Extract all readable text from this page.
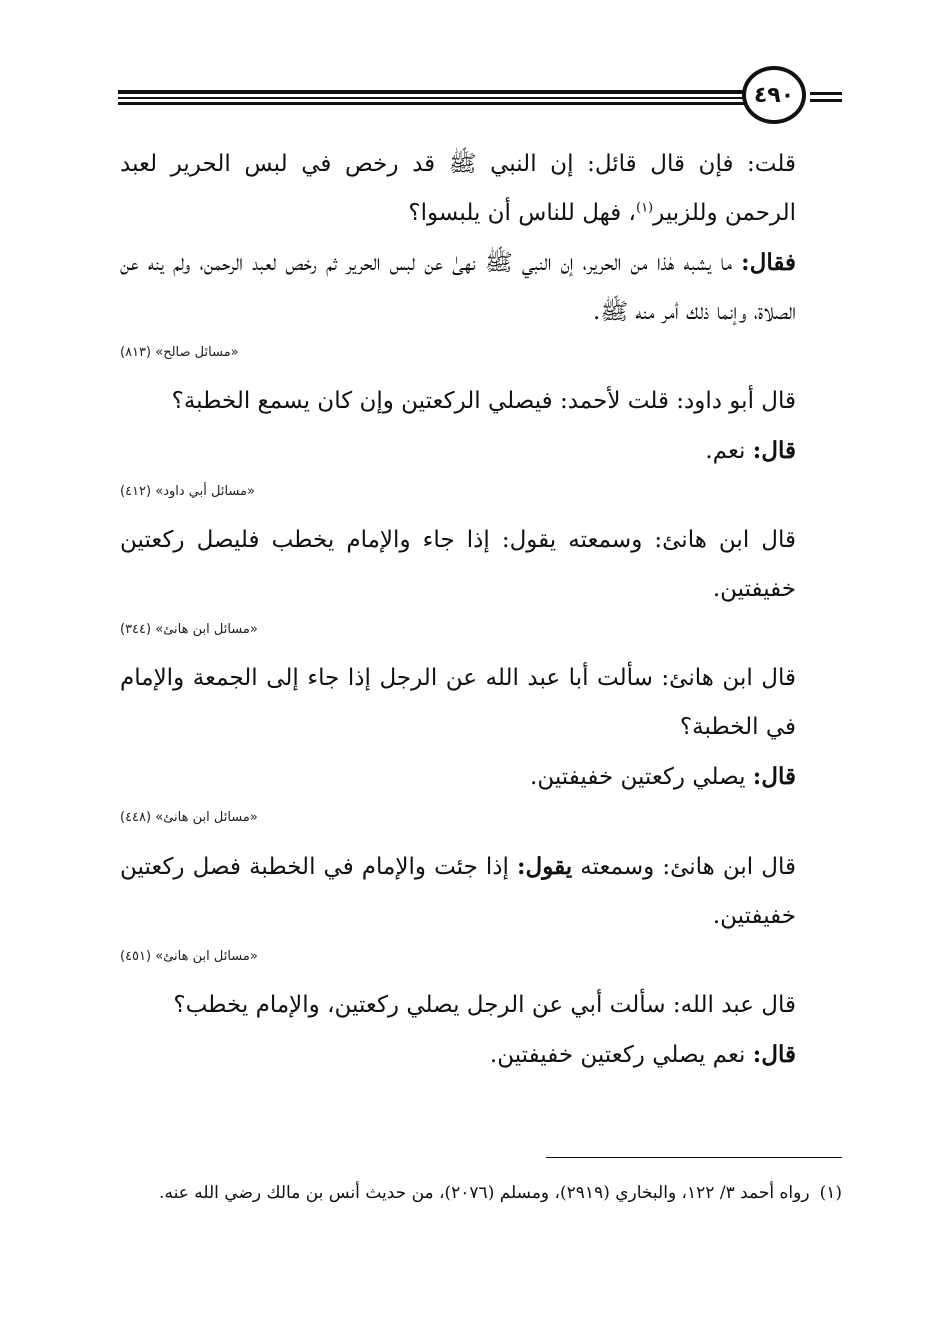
٤٩٠

قلت: فإن قال قائل: إن النبي ﷺ قد رخص في لبس الحرير لعبد الرحمن وللزبير$^{(١)}$، فهل للناس أن يلبسوا؟

فقال: ما يشبه هٰذا من الحرير، إن النبي ﷺ نهىٰ عن لبس الحرير ثم رخص لعبد الرحمن، ولم ينه عن الصلاة، وإنما ذلك أمر منه ﷺ.

«مسائل صالح» (٨١٣)

قال أبو داود: قلت لأحمد: فيصلي الركعتين وإن كان يسمع الخطبة؟

قال: نعم.

«مسائل أبي داود» (٤١٢)

قال ابن هانئ: وسمعته يقول: إذا جاء والإمام يخطب فليصل ركعتين خفيفتين.

«مسائل ابن هانئ» (٣٤٤)

قال ابن هانئ: سألت أبا عبد الله عن الرجل إذا جاء إلى الجمعة والإمام في الخطبة؟

قال: يصلي ركعتين خفيفتين.

«مسائل ابن هانئ» (٤٤٨)

قال ابن هانئ: وسمعته يقول: إذا جئت والإمام في الخطبة فصل ركعتين خفيفتين.

«مسائل ابن هانئ» (٤٥١)

قال عبد الله: سألت أبي عن الرجل يصلي ركعتين، والإمام يخطب؟

قال: نعم يصلي ركعتين خفيفتين.

(١)رواه أحمد ٣/ ١٢٢، والبخاري (٢٩١٩)، ومسلم (٢٠٧٦)، من حديث أنس بن مالك رضي الله عنه.
